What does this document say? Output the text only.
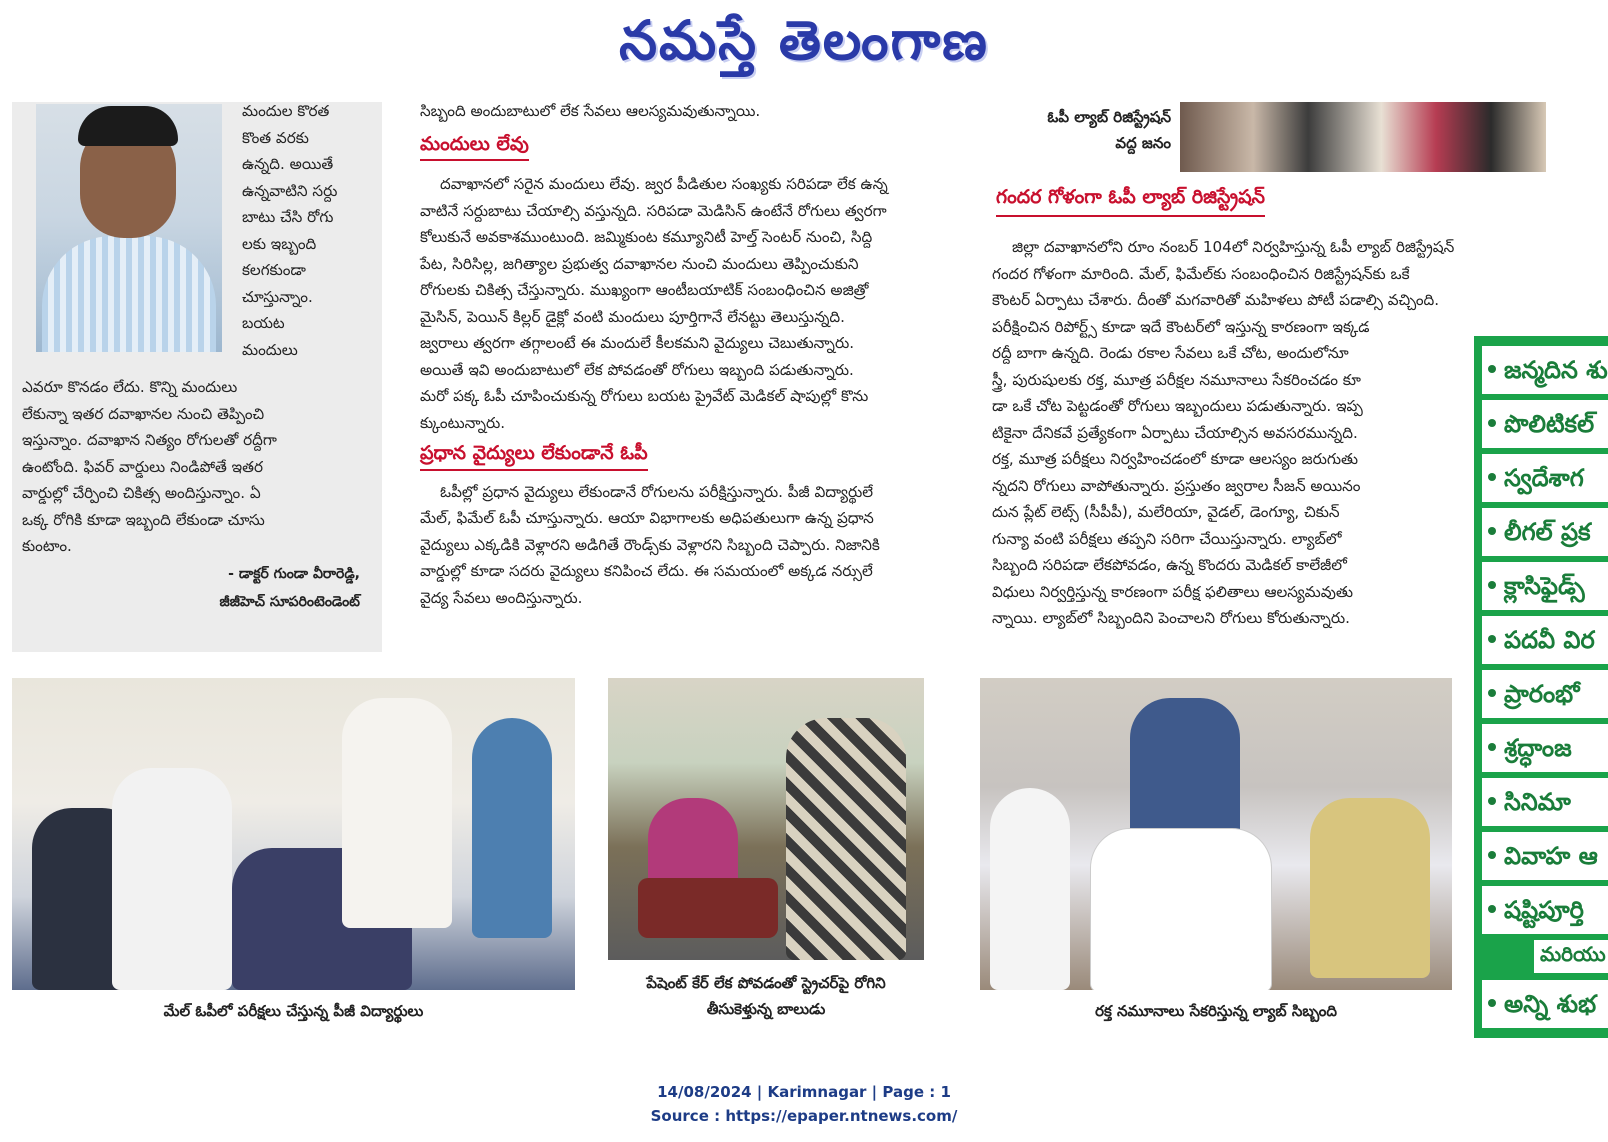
నమస్తే తెలంగాణ
మందుల కొరత
కొంత వరకు
ఉన్నది. అయితే
ఉన్నవాటిని సర్దు
బాటు చేసి రోగు
లకు ఇబ్బంది
కలగకుండా
చూస్తున్నాం.
బయట
మందులు
ఎవరూ కొనడం లేదు. కొన్ని మందులు
లేకున్నా ఇతర దవాఖానల నుంచి తెప్పించి
ఇస్తున్నాం. దవాఖాన నిత్యం రోగులతో రద్దీగా
ఉంటోంది. ఫివర్ వార్డులు నిండిపోతే ఇతర
వార్డుల్లో చేర్పించి చికిత్స అందిస్తున్నాం. ఏ
ఒక్క రోగికి కూడా ఇబ్బంది లేకుండా చూసు
కుంటాం.
- డాక్టర్ గుండా వీరారెడ్డి,
జీజీహెచ్ సూపరింటెండెంట్
సిబ్బంది అందుబాటులో లేక సేవలు ఆలస్యమవుతున్నాయి.
మందులు లేవు
దవాఖానలో సరైన మందులు లేవు. జ్వర పీడితుల సంఖ్యకు సరిపడా లేక ఉన్న
వాటినే సర్దుబాటు చేయాల్సి వస్తున్నది. సరిపడా మెడిసిన్ ఉంటేనే రోగులు త్వరగా
కోలుకునే అవకాశముంటుంది. జమ్మికుంట కమ్యూనిటీ హెల్త్ సెంటర్ నుంచి, సిద్ది
పేట, సిరిసిల్ల, జగిత్యాల ప్రభుత్వ దవాఖానల నుంచి మందులు తెప్పించుకుని
రోగులకు చికిత్స చేస్తున్నారు. ముఖ్యంగా ఆంటీబయాటిక్ సంబంధించిన అజిత్రో
మైసిన్, పెయిన్ కిల్లర్ డైక్లో వంటి మందులు పూర్తిగానే లేనట్టు తెలుస్తున్నది.
జ్వరాలు త్వరగా తగ్గాలంటే ఈ మందులే కీలకమని వైద్యులు చెబుతున్నారు.
అయితే ఇవి అందుబాటులో లేక పోవడంతో రోగులు ఇబ్బంది పడుతున్నారు.
మరో పక్క ఓపీ చూపించుకున్న రోగులు బయట ప్రైవేట్ మెడికల్ షాపుల్లో కొను
క్కుంటున్నారు.
ప్రధాన వైద్యులు లేకుండానే ఓపీ
ఓపీల్లో ప్రధాన వైద్యులు లేకుండానే రోగులను పరీక్షిస్తున్నారు. పీజీ విద్యార్థులే
మేల్, ఫిమేల్ ఓపీ చూస్తున్నారు. ఆయా విభాగాలకు అధిపతులుగా ఉన్న ప్రధాన
వైద్యులు ఎక్కడికి వెళ్లారని అడిగితే రౌండ్స్‌కు వెళ్లారని సిబ్బంది చెప్పారు. నిజానికి
వార్డుల్లో కూడా సదరు వైద్యులు కనిపించ లేదు. ఈ సమయంలో అక్కడ నర్సులే
వైద్య సేవలు అందిస్తున్నారు.
ఓపీ ల్యాబ్ రిజిస్ట్రేషన్
వద్ద జనం
గందర గోళంగా ఓపీ ల్యాబ్ రిజిస్ట్రేషన్
జిల్లా దవాఖానలోని రూం నంబర్ 104లో నిర్వహిస్తున్న ఓపీ ల్యాబ్ రిజిస్ట్రేషన్
గందర గోళంగా మారింది. మేల్, ఫిమేల్‌కు సంబంధించిన రిజిస్ట్రేషన్‌కు ఒకే
కౌంటర్ ఏర్పాటు చేశారు. దీంతో మగవారితో మహిళలు పోటీ పడాల్సి వచ్చింది.
పరీక్షించిన రిపోర్ట్స్ కూడా ఇదే కౌంటర్‌లో ఇస్తున్న కారణంగా ఇక్కడ
రద్దీ బాగా ఉన్నది. రెండు రకాల సేవలు ఒకే చోట, అందులోనూ
స్త్రీ, పురుషులకు రక్త, మూత్ర పరీక్షల నమూనాలు సేకరించడం కూ
డా ఒకే చోట పెట్టడంతో రోగులు ఇబ్బందులు పడుతున్నారు. ఇప్ప
టికైనా దేనికవే ప్రత్యేకంగా ఏర్పాటు చేయాల్సిన అవసరమున్నది.
రక్త, మూత్ర పరీక్షలు నిర్వహించడంలో కూడా ఆలస్యం జరుగుతు
న్నదని రోగులు వాపోతున్నారు. ప్రస్తుతం జ్వరాల సీజన్ అయినం
దున ప్లేట్ లెట్స్ (సీపీపీ), మలేరియా, వైడల్, డెంగ్యూ, చికున్
గున్యా వంటి పరీక్షలు తప్పని సరిగా చేయిస్తున్నారు. ల్యాబ్‌లో
సిబ్బంది సరిపడా లేకపోవడం, ఉన్న కొందరు మెడికల్ కాలేజీలో
విధులు నిర్వర్తిస్తున్న కారణంగా పరీక్ష ఫలితాలు ఆలస్యమవుతు
న్నాయి. ల్యాబ్‌లో సిబ్బందిని పెంచాలని రోగులు కోరుతున్నారు.
జన్మదిన శు
పొలిటికల్
స్వదేశాగ
లీగల్ ప్రక
క్లాసిఫైడ్స్
పదవీ విర
ప్రారంభో
శ్రద్ధాంజ
సినిమా
వివాహ ఆ
షష్టిపూర్తి
మరియు
అన్ని శుభ
మేల్ ఓపీలో పరీక్షలు చేస్తున్న పీజీ విద్యార్థులు
పేషెంట్ కేర్ లేక పోవడంతో స్ట్రెచర్‌పై రోగిని
తీసుకెళ్తున్న బాలుడు	రక్త నమూనాలు సేకరిస్తున్న ల్యాబ్ సిబ్బంది
14/08/2024 | Karimnagar | Page : 1
Source : https://epaper.ntnews.com/
